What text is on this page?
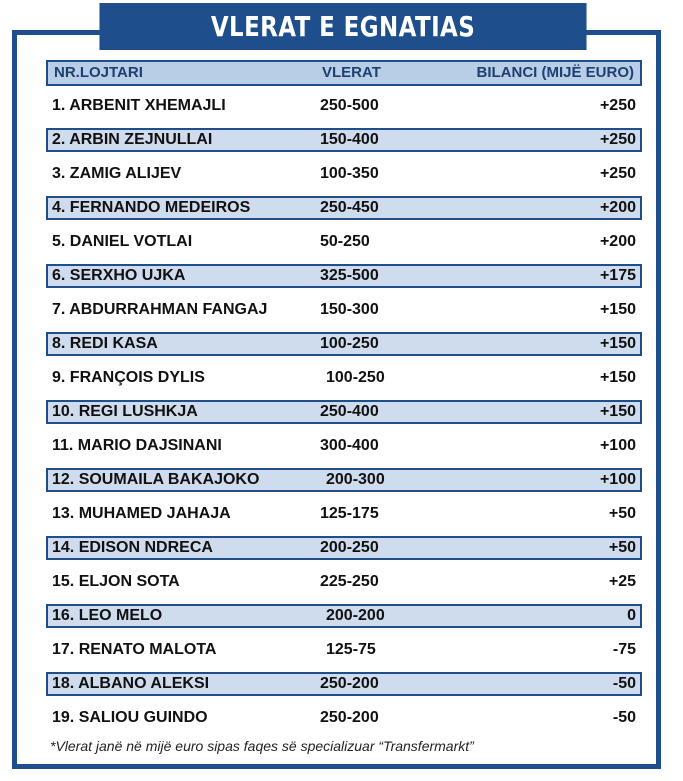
VLERAT E EGNATIAS
NR.LOJTARI	VLERAT	BILANCI (MIJË EURO)
1. ARBENIT XHEMAJLI	250-500	+250
2. ARBIN ZEJNULLAI	150-400	+250
3. ZAMIG ALIJEV	100-350	+250
4. FERNANDO MEDEIROS	250-450	+200
5. DANIEL VOTLAI	50-250	+200
6. SERXHO UJKA	325-500	+175
7. ABDURRAHMAN FANGAJ	150-300	+150
8. REDI KASA	100-250	+150
9. FRANÇOIS DYLIS	100-250	+150
10. REGI LUSHKJA	250-400	+150
11. MARIO DAJSINANI	300-400	+100
12. SOUMAILA BAKAJOKO	200-300	+100
13. MUHAMED JAHAJA	125-175	+50
14. EDISON NDRECA	200-250	+50
15. ELJON SOTA	225-250	+25
16. LEO MELO	200-200	0
17. RENATO MALOTA	125-75	-75
18. ALBANO ALEKSI	250-200	-50
19. SALIOU GUINDO	250-200	-50
*Vlerat janë në mijë euro sipas faqes së specializuar “Transfermarkt”
